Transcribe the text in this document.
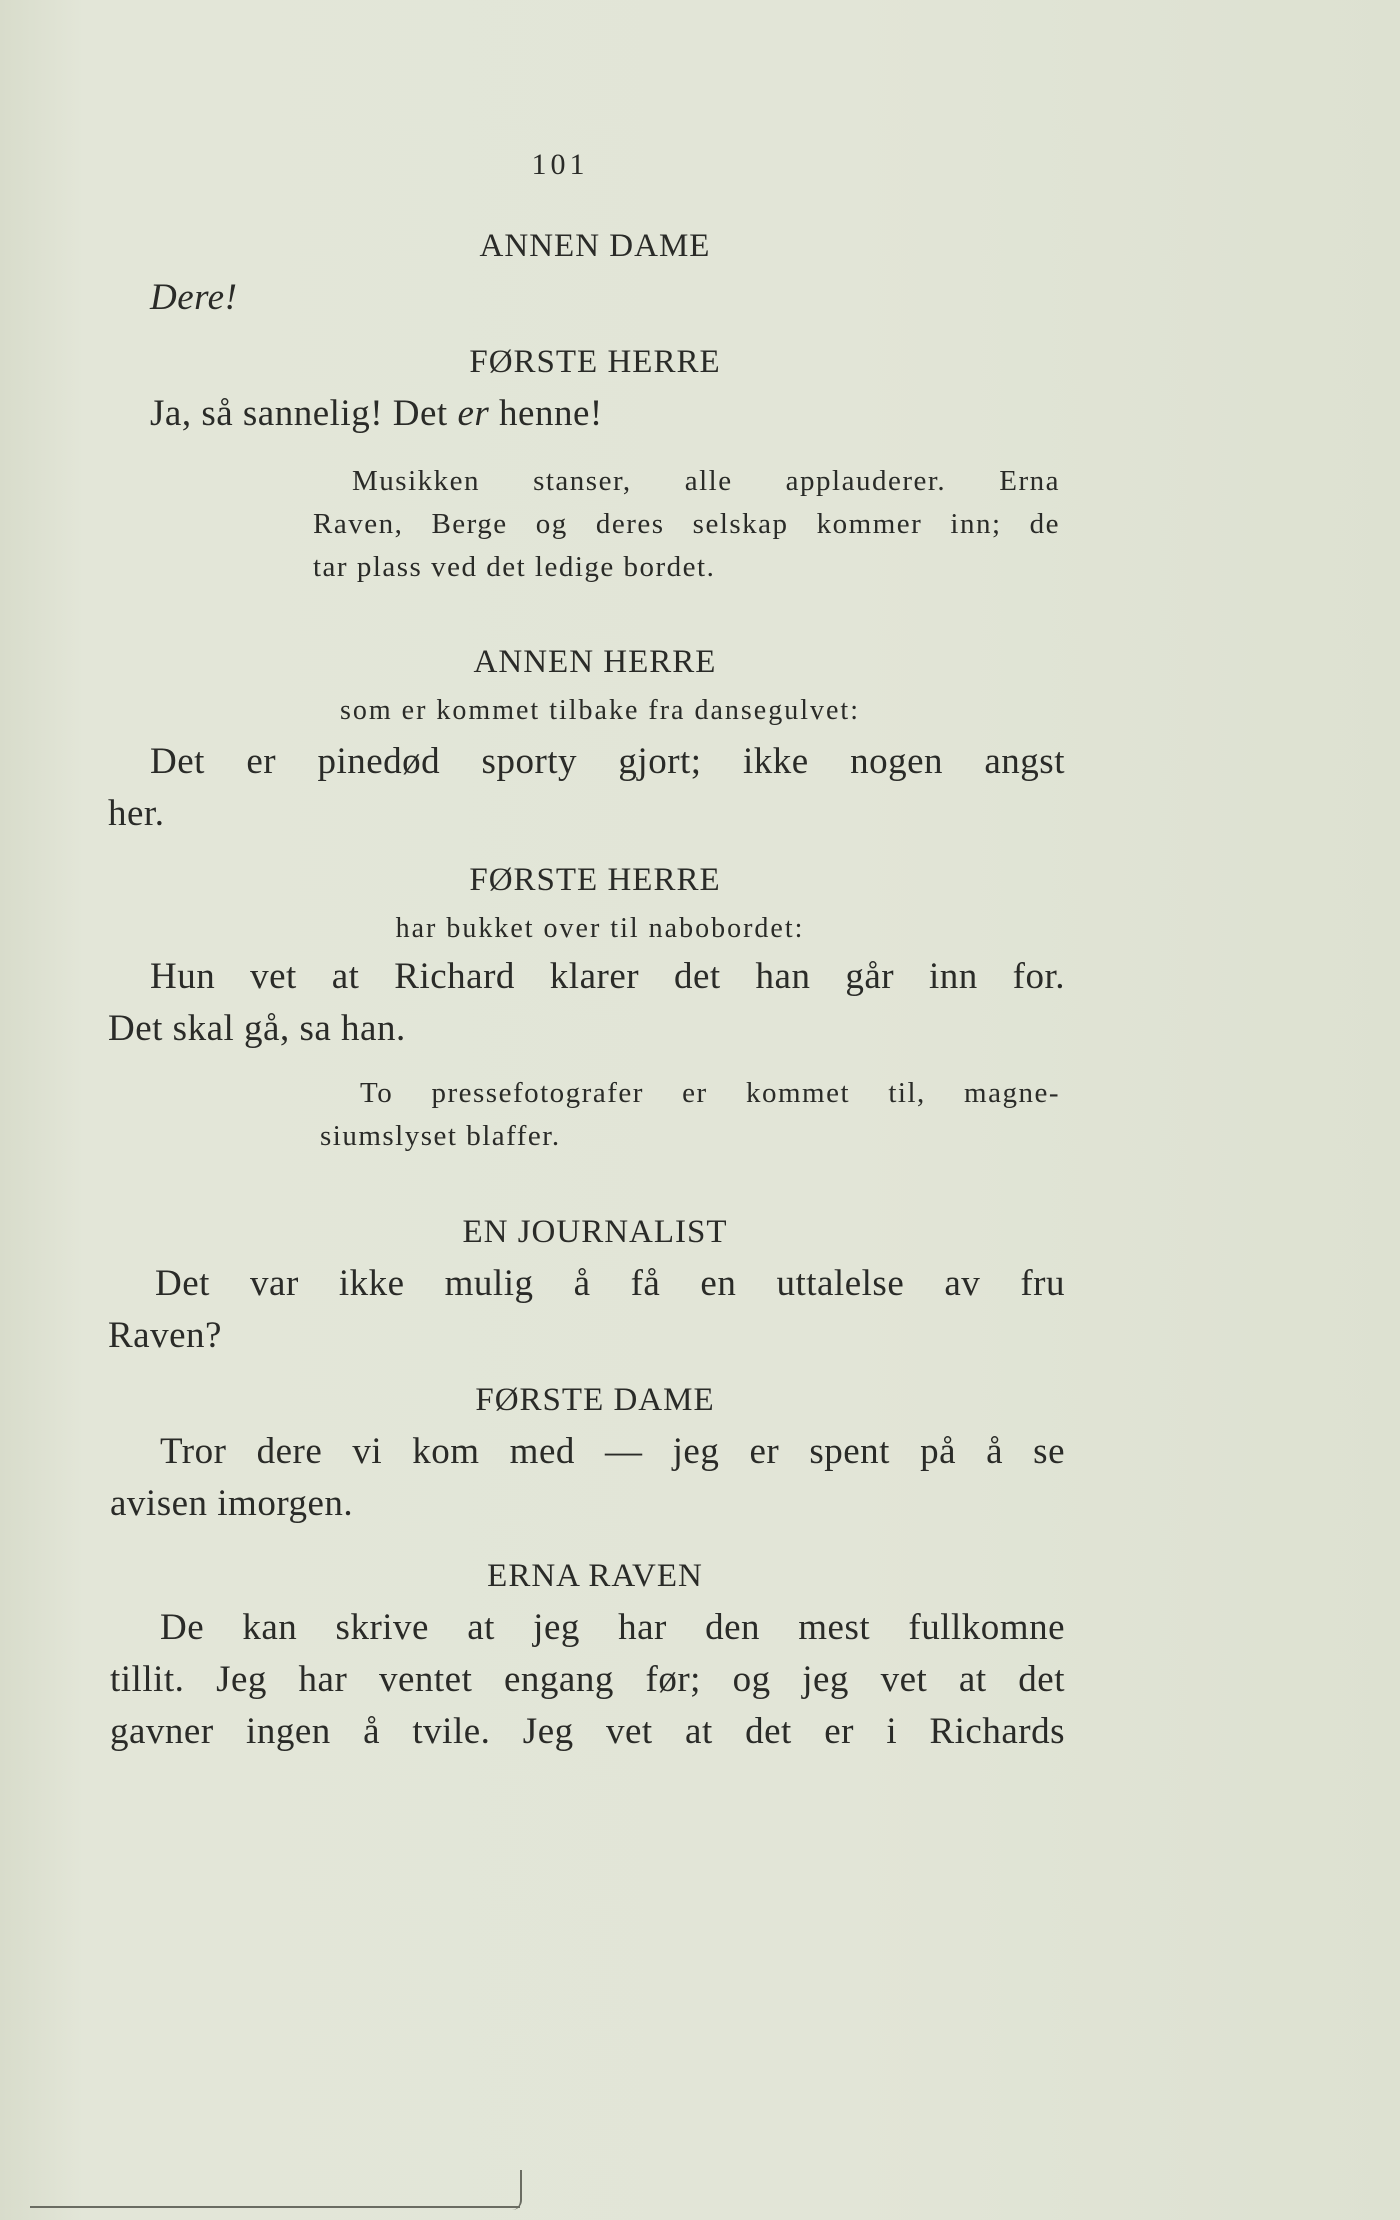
101
ANNEN DAME
Dere!
FØRSTE HERRE
Ja, så sannelig! Det er henne!
Musikken stanser, alle applauderer. Erna
Raven, Berge og deres selskap kommer inn; de
tar plass ved det ledige bordet.
ANNEN HERRE
som er kommet tilbake fra dansegulvet:
Det er pinedød sporty gjort; ikke nogen angst
her.
FØRSTE HERRE
har bukket over til nabobordet:
Hun vet at Richard klarer det han går inn for.
Det skal gå, sa han.
To pressefotografer er kommet til, magne-
siumslyset blaffer.
EN JOURNALIST
Det var ikke mulig å få en uttalelse av fru
Raven?
FØRSTE DAME
Tror dere vi kom med — jeg er spent på å se
avisen imorgen.
ERNA RAVEN
De kan skrive at jeg har den mest fullkomne
tillit. Jeg har ventet engang før; og jeg vet at det
gavner ingen å tvile. Jeg vet at det er i Richards
